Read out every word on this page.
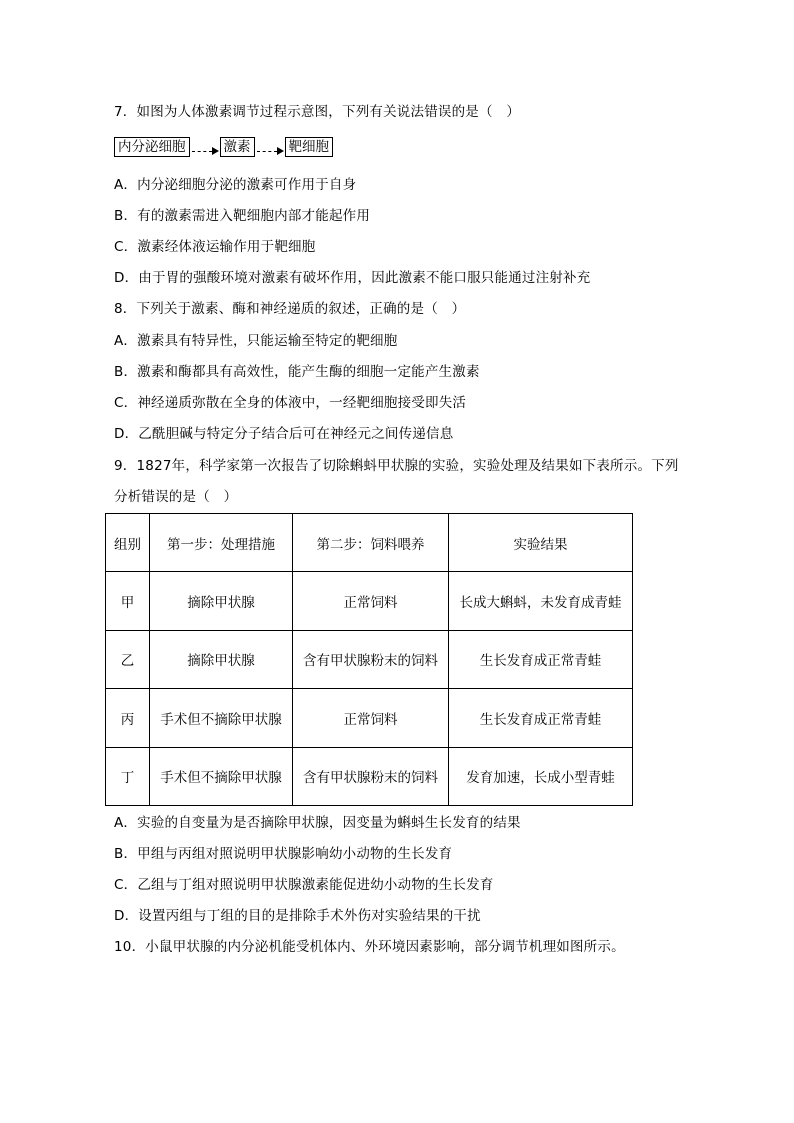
7．如图为人体激素调节过程示意图，下列有关说法错误的是（　）
内分泌细胞	激素	靶细胞
A．内分泌细胞分泌的激素可作用于自身
B．有的激素需进入靶细胞内部才能起作用
C．激素经体液运输作用于靶细胞
D．由于胃的强酸环境对激素有破坏作用，因此激素不能口服只能通过注射补充
8．下列关于激素、酶和神经递质的叙述，正确的是（　）
A．激素具有特异性，只能运输至特定的靶细胞
B．激素和酶都具有高效性，能产生酶的细胞一定能产生激素
C．神经递质弥散在全身的体液中，一经靶细胞接受即失活
D．乙酰胆碱与特定分子结合后可在神经元之间传递信息
9．1827年，科学家第一次报告了切除蝌蚪甲状腺的实验，实验处理及结果如下表所示。下列
分析错误的是（　）
组别	第一步：处理措施	第二步：饲料喂养	实验结果
甲	摘除甲状腺	正常饲料	长成大蝌蚪，未发育成青蛙
乙	摘除甲状腺	含有甲状腺粉末的饲料	生长发育成正常青蛙
丙	手术但不摘除甲状腺	正常饲料	生长发育成正常青蛙
丁	手术但不摘除甲状腺	含有甲状腺粉末的饲料	发育加速，长成小型青蛙
A．实验的自变量为是否摘除甲状腺，因变量为蝌蚪生长发育的结果
B．甲组与丙组对照说明甲状腺影响幼小动物的生长发育
C．乙组与丁组对照说明甲状腺激素能促进幼小动物的生长发育
D．设置丙组与丁组的目的是排除手术外伤对实验结果的干扰
10．小鼠甲状腺的内分泌机能受机体内、外环境因素影响，部分调节机理如图所示。
